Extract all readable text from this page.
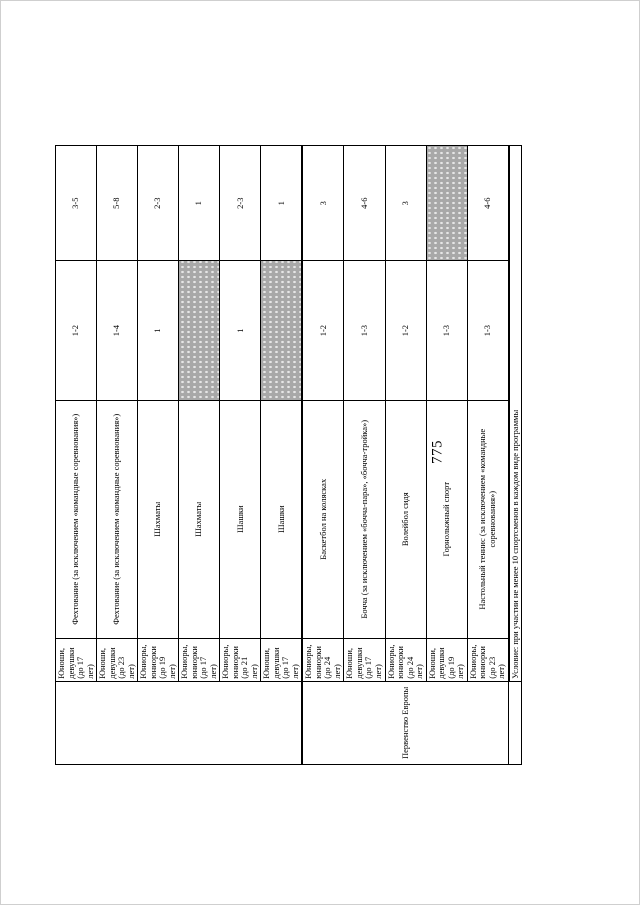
775
	Юноши, девушки (до 17 лет)	Фехтование (за исключением «командные соревнования»)	1-2	3-5
	Юноши, девушки (до 23 лет)	Фехтование (за исключением «командные соревнования»)	1-4	5-8
	Юниоры, юниорки (до 19 лет)	Шахматы	1	2-3
	Юниоры, юниорки (до 17 лет)	Шахматы		1
	Юниоры, юниорки (до 21 лет)	Шашки	1	2-3
	Юноши, девушки (до 17 лет)	Шашки		1
Первенство Европы	Юниоры, юниорки (до 24 лет)	Баскетбол на колясках	1-2	3
	Юноши, девушки (до 17 лет)	Бочча (за исключением «бочча-пара», «бочча-тройка»)	1-3	4-6
	Юниоры, юниорки (до 24 лет)	Волейбол сидя	1-2	3
	Юноши, девушки (до 19 лет)	Горнолыжный спорт	1-3	
	Юниоры, юниорки (до 23 лет)	Настольный теннис (за исключением «командные соревнования»)	1-3	4-6
	Условие: при участии не менее 10 спортсменов в каждом виде программы			
